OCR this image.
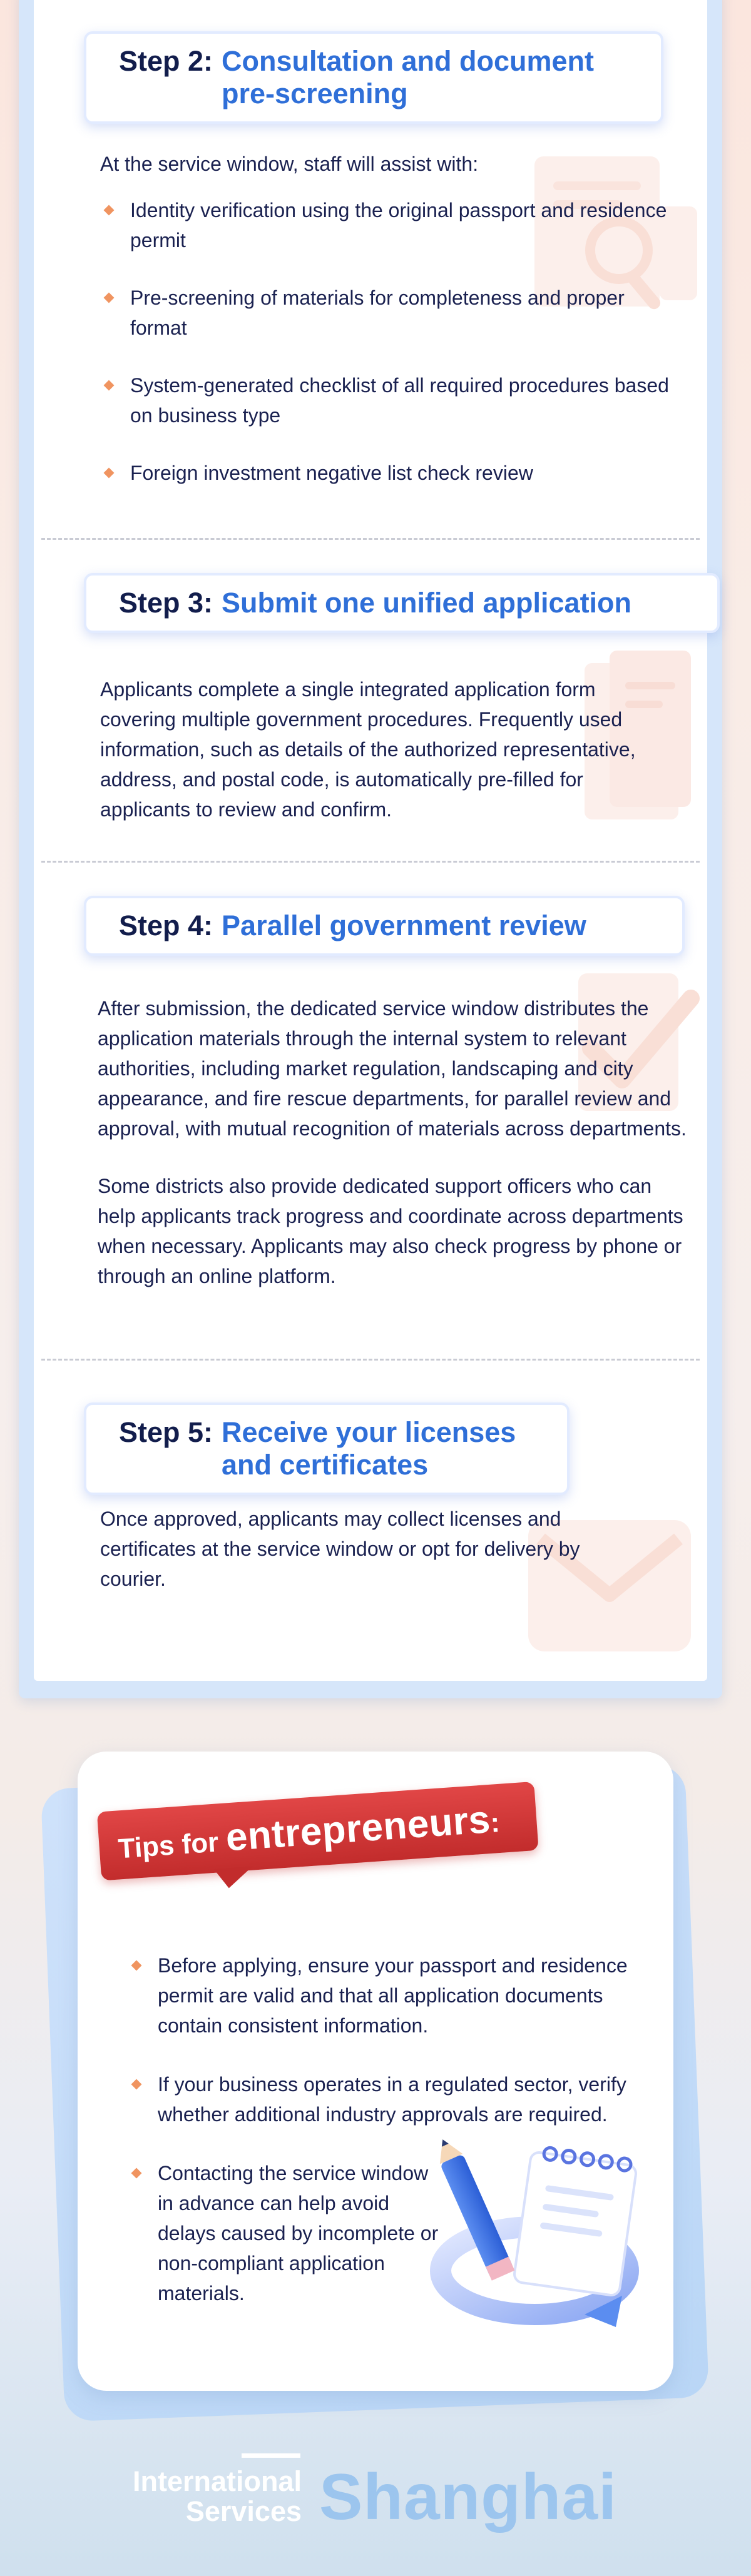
Step 2: Consultation and document pre-screening

At the service window, staff will assist with:

Identity verification using the original passport and residence permit
Pre-screening of materials for completeness and proper format
System-generated checklist of all required procedures based on business type
Foreign investment negative list check review
Step 3: Submit one unified application

Applicants complete a single integrated application form covering multiple government procedures. Frequently used information, such as details of the authorized representative, address, and postal code, is automatically pre-filled for applicants to review and confirm.

Step 4: Parallel government review

After submission, the dedicated service window distributes the application materials through the internal system to relevant authorities, including market regulation, landscaping and city appearance, and fire rescue departments, for parallel review and approval, with mutual recognition of materials across departments.

Some districts also provide dedicated support officers who can help applicants track progress and coordinate across departments when necessary. Applicants may also check progress by phone or through an online platform.

Step 5: Receive your licenses and certificates

Once approved, applicants may collect licenses and certificates at the service window or opt for delivery by courier.

Tips for entrepreneurs:
Before applying, ensure your passport and residence permit are valid and that all application documents contain consistent information.
If your business operates in a regulated sector, verify whether additional industry approvals are required.
Contacting the service window in advance can help avoid delays caused by incomplete or non-compliant application materials.
International
Services Shanghai
